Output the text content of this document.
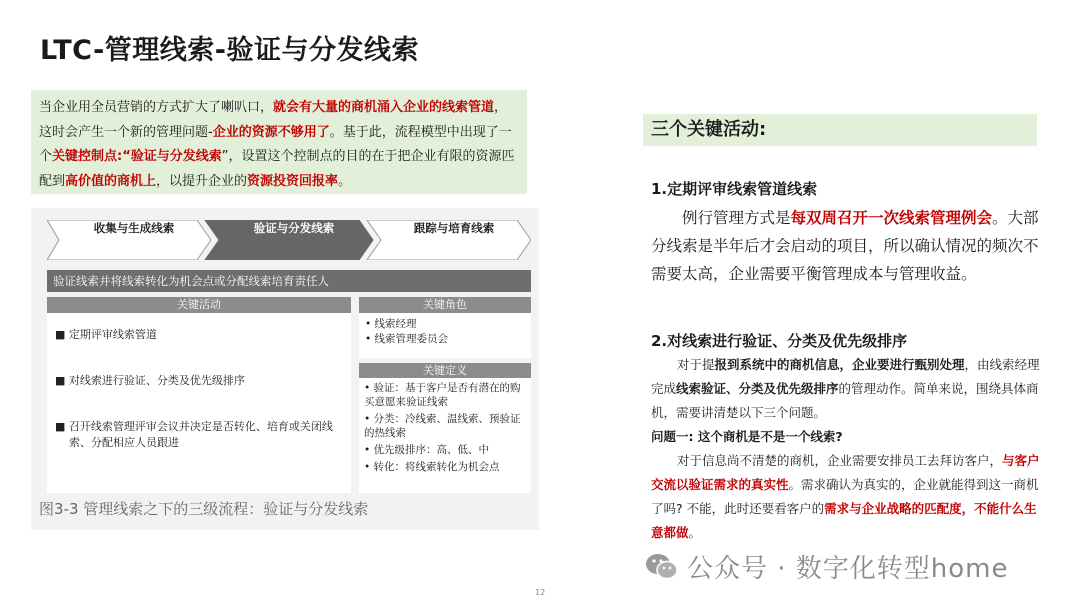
LTC-管理线索-验证与分发线索
当企业用全员营销的方式扩大了喇叭口，就会有大量的商机涌入企业的线索管道，这时会产生一个新的管理问题-企业的资源不够用了。基于此，流程模型中出现了一个关键控制点:“验证与分发线索”，设置这个控制点的目的在于把企业有限的资源匹配到高价值的商机上，以提升企业的资源投资回报率。
收集与生成线索	验证与分发线索	跟踪与培育线索
验证线索并将线索转化为机会点或分配线索培育责任人
关键活动
■ 定期评审线索管道
■ 对线索进行验证、分类及优先级排序
■ 召开线索管理评审会议并决定是否转化、培育或关闭线
索、分配相应人员跟进
关键角色
• 线索经理
• 线索管理委员会
关键定义
• 验证：基于客户是否有潜在的购买意愿来验证线索
• 分类：冷线索、温线索、预验证的热线索
• 优先级排序：高、低、中
• 转化：将线索转化为机会点
图3-3 管理线索之下的三级流程：验证与分发线索
三个关键活动:
1.定期评审线索管道线索
例行管理方式是每双周召开一次线索管理例会。大部分线索是半年后才会启动的项目，所以确认情况的频次不需要太高，企业需要平衡管理成本与管理收益。
2.对线索进行验证、分类及优先级排序
对于提报到系统中的商机信息，企业要进行甄别处理，由线索经理完成线索验证、分类及优先级排序的管理动作。简单来说，围绕具体商机，需要讲清楚以下三个问题。
问题一: 这个商机是不是一个线索?
对于信息尚不清楚的商机，企业需要安排员工去拜访客户，与客户交流以验证需求的真实性。需求确认为真实的，企业就能得到这一商机了吗? 不能，此时还要看客户的需求与企业战略的匹配度，不能什么生意都做。
12
公众号 · 数字化转型home
